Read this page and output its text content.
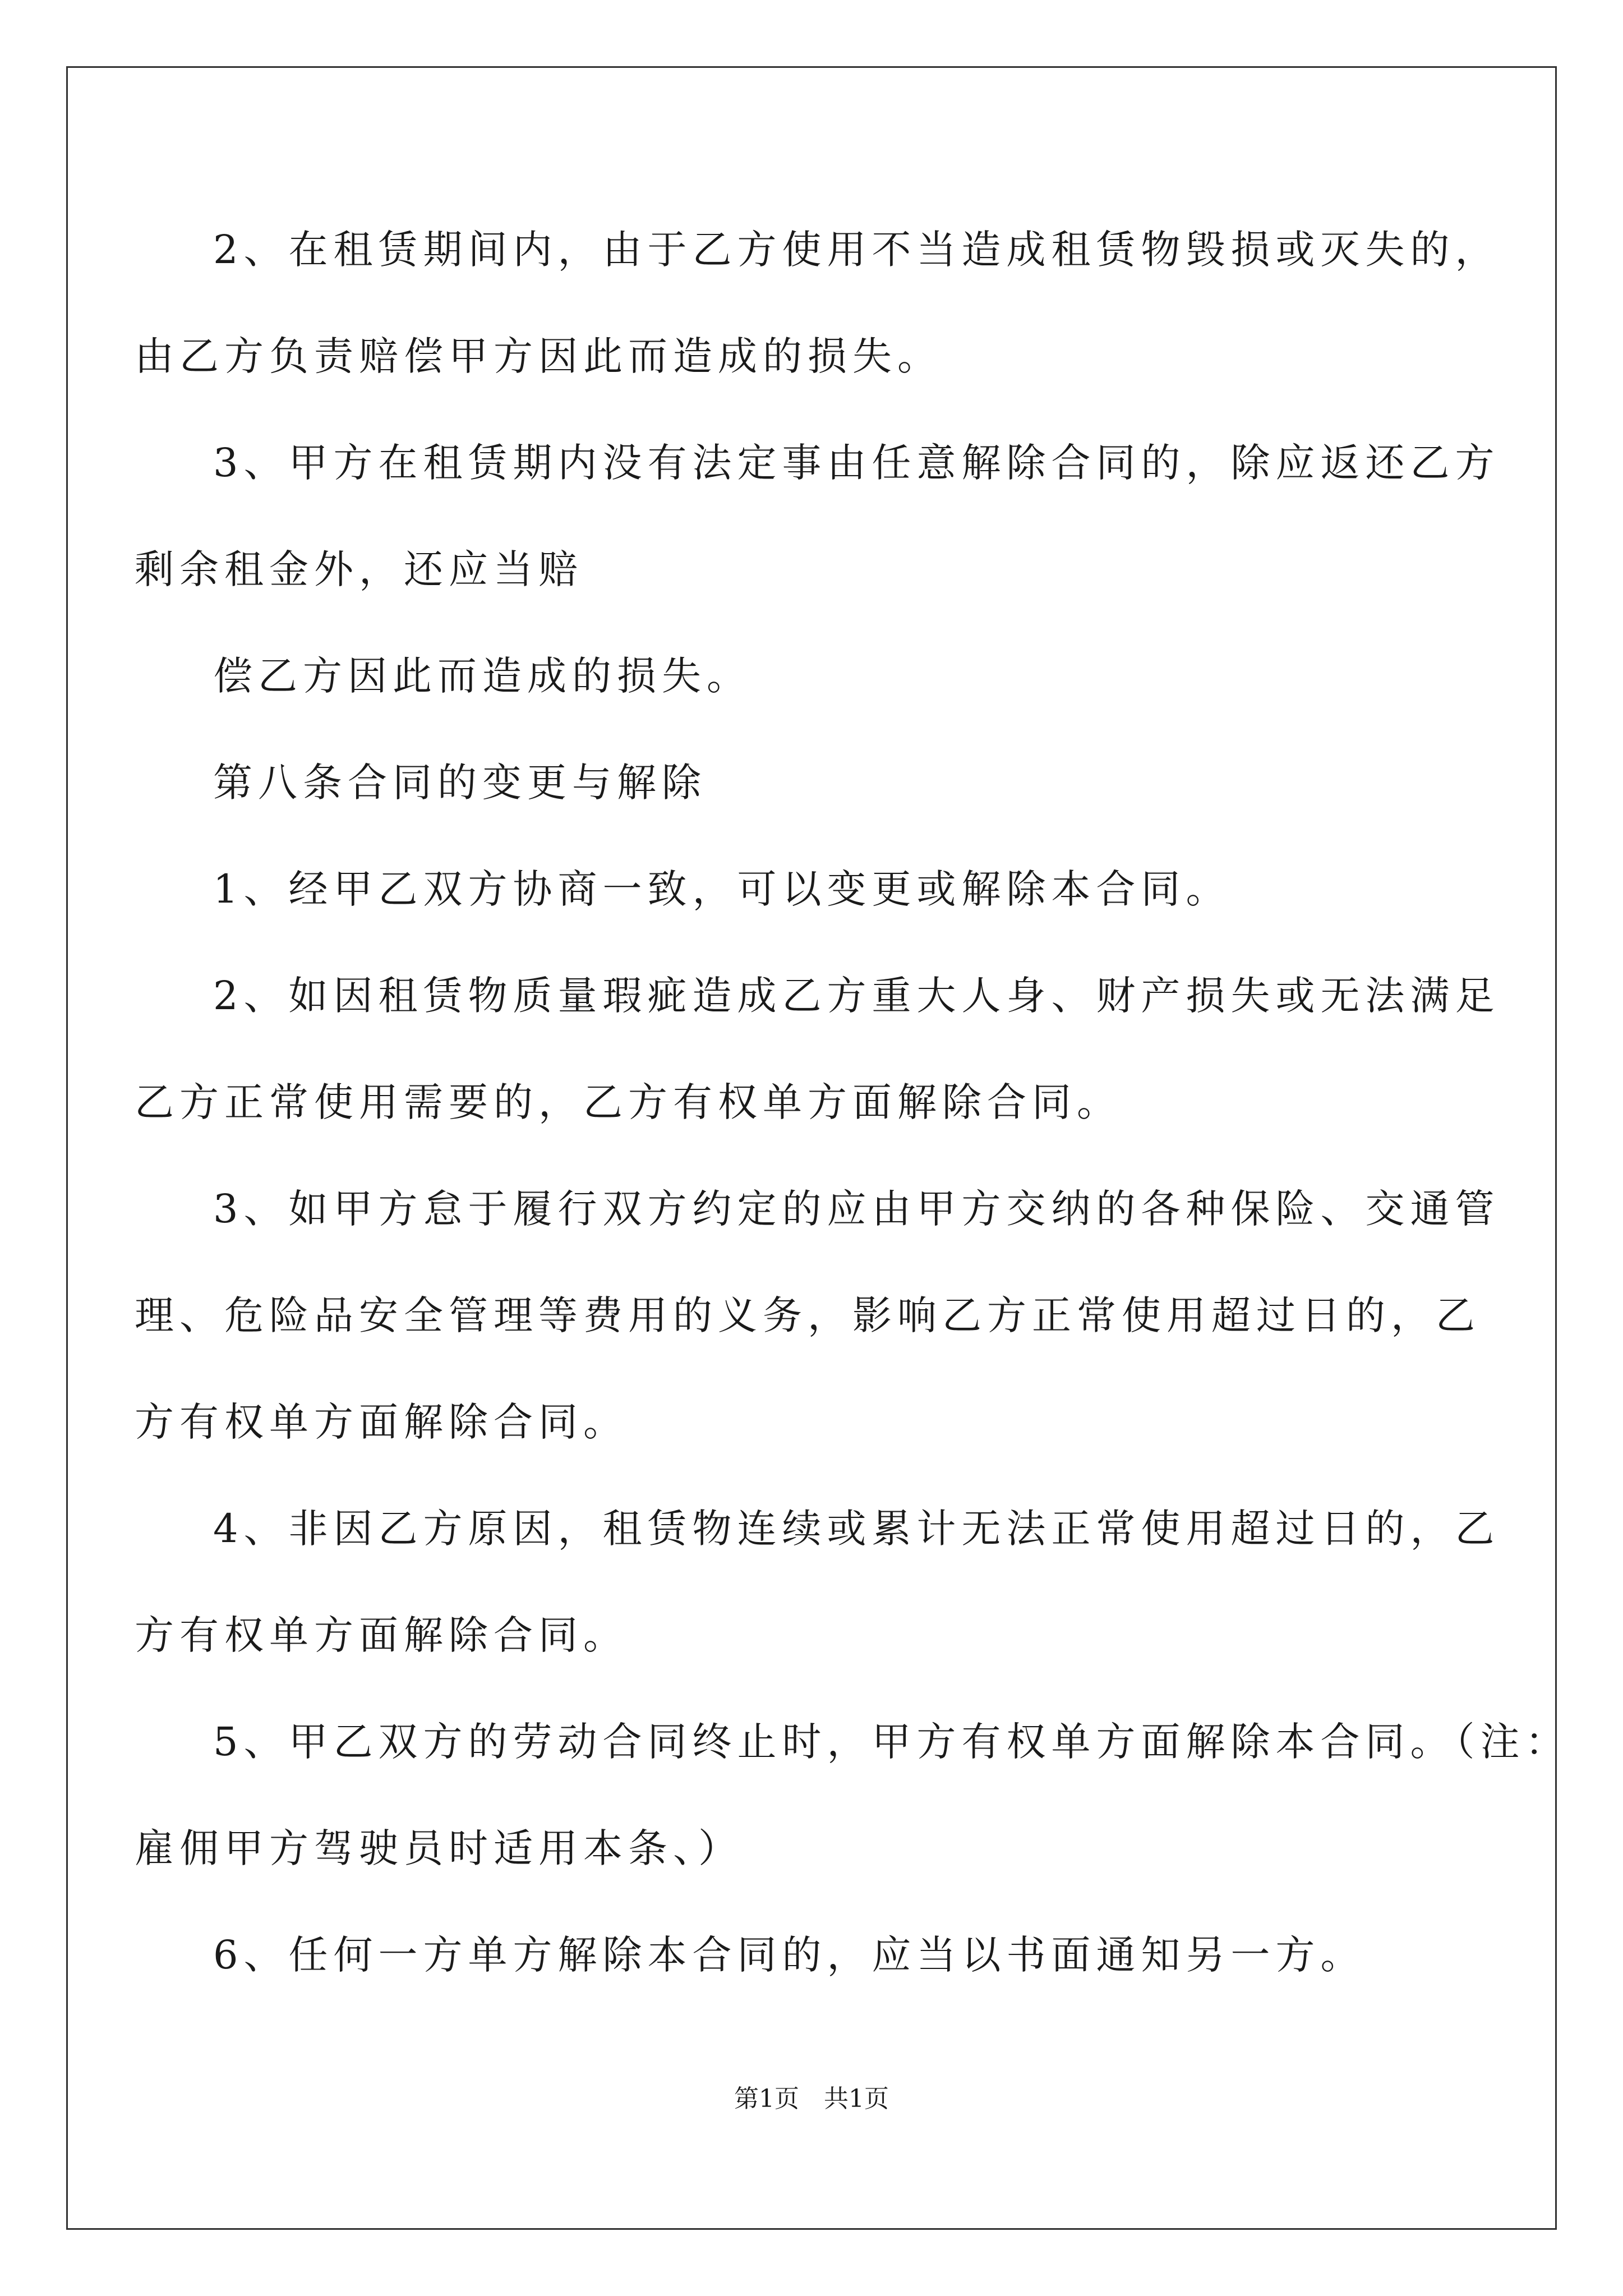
2、在租赁期间内，由于乙方使用不当造成租赁物毁损或灭失的，
由乙方负责赔偿甲方因此而造成的损失。
3、甲方在租赁期内没有法定事由任意解除合同的，除应返还乙方
剩余租金外，还应当赔
偿乙方因此而造成的损失。
第八条合同的变更与解除
1、经甲乙双方协商一致，可以变更或解除本合同。
2、如因租赁物质量瑕疵造成乙方重大人身、财产损失或无法满足
乙方正常使用需要的，乙方有权单方面解除合同。
3、如甲方怠于履行双方约定的应由甲方交纳的各种保险、交通管
理、危险品安全管理等费用的义务，影响乙方正常使用超过日的，乙
方有权单方面解除合同。
4、非因乙方原因，租赁物连续或累计无法正常使用超过日的，乙
方有权单方面解除合同。
5、甲乙双方的劳动合同终止时，甲方有权单方面解除本合同。（注：
雇佣甲方驾驶员时适用本条、）
6、任何一方单方解除本合同的，应当以书面通知另一方。
第1页　共1页
